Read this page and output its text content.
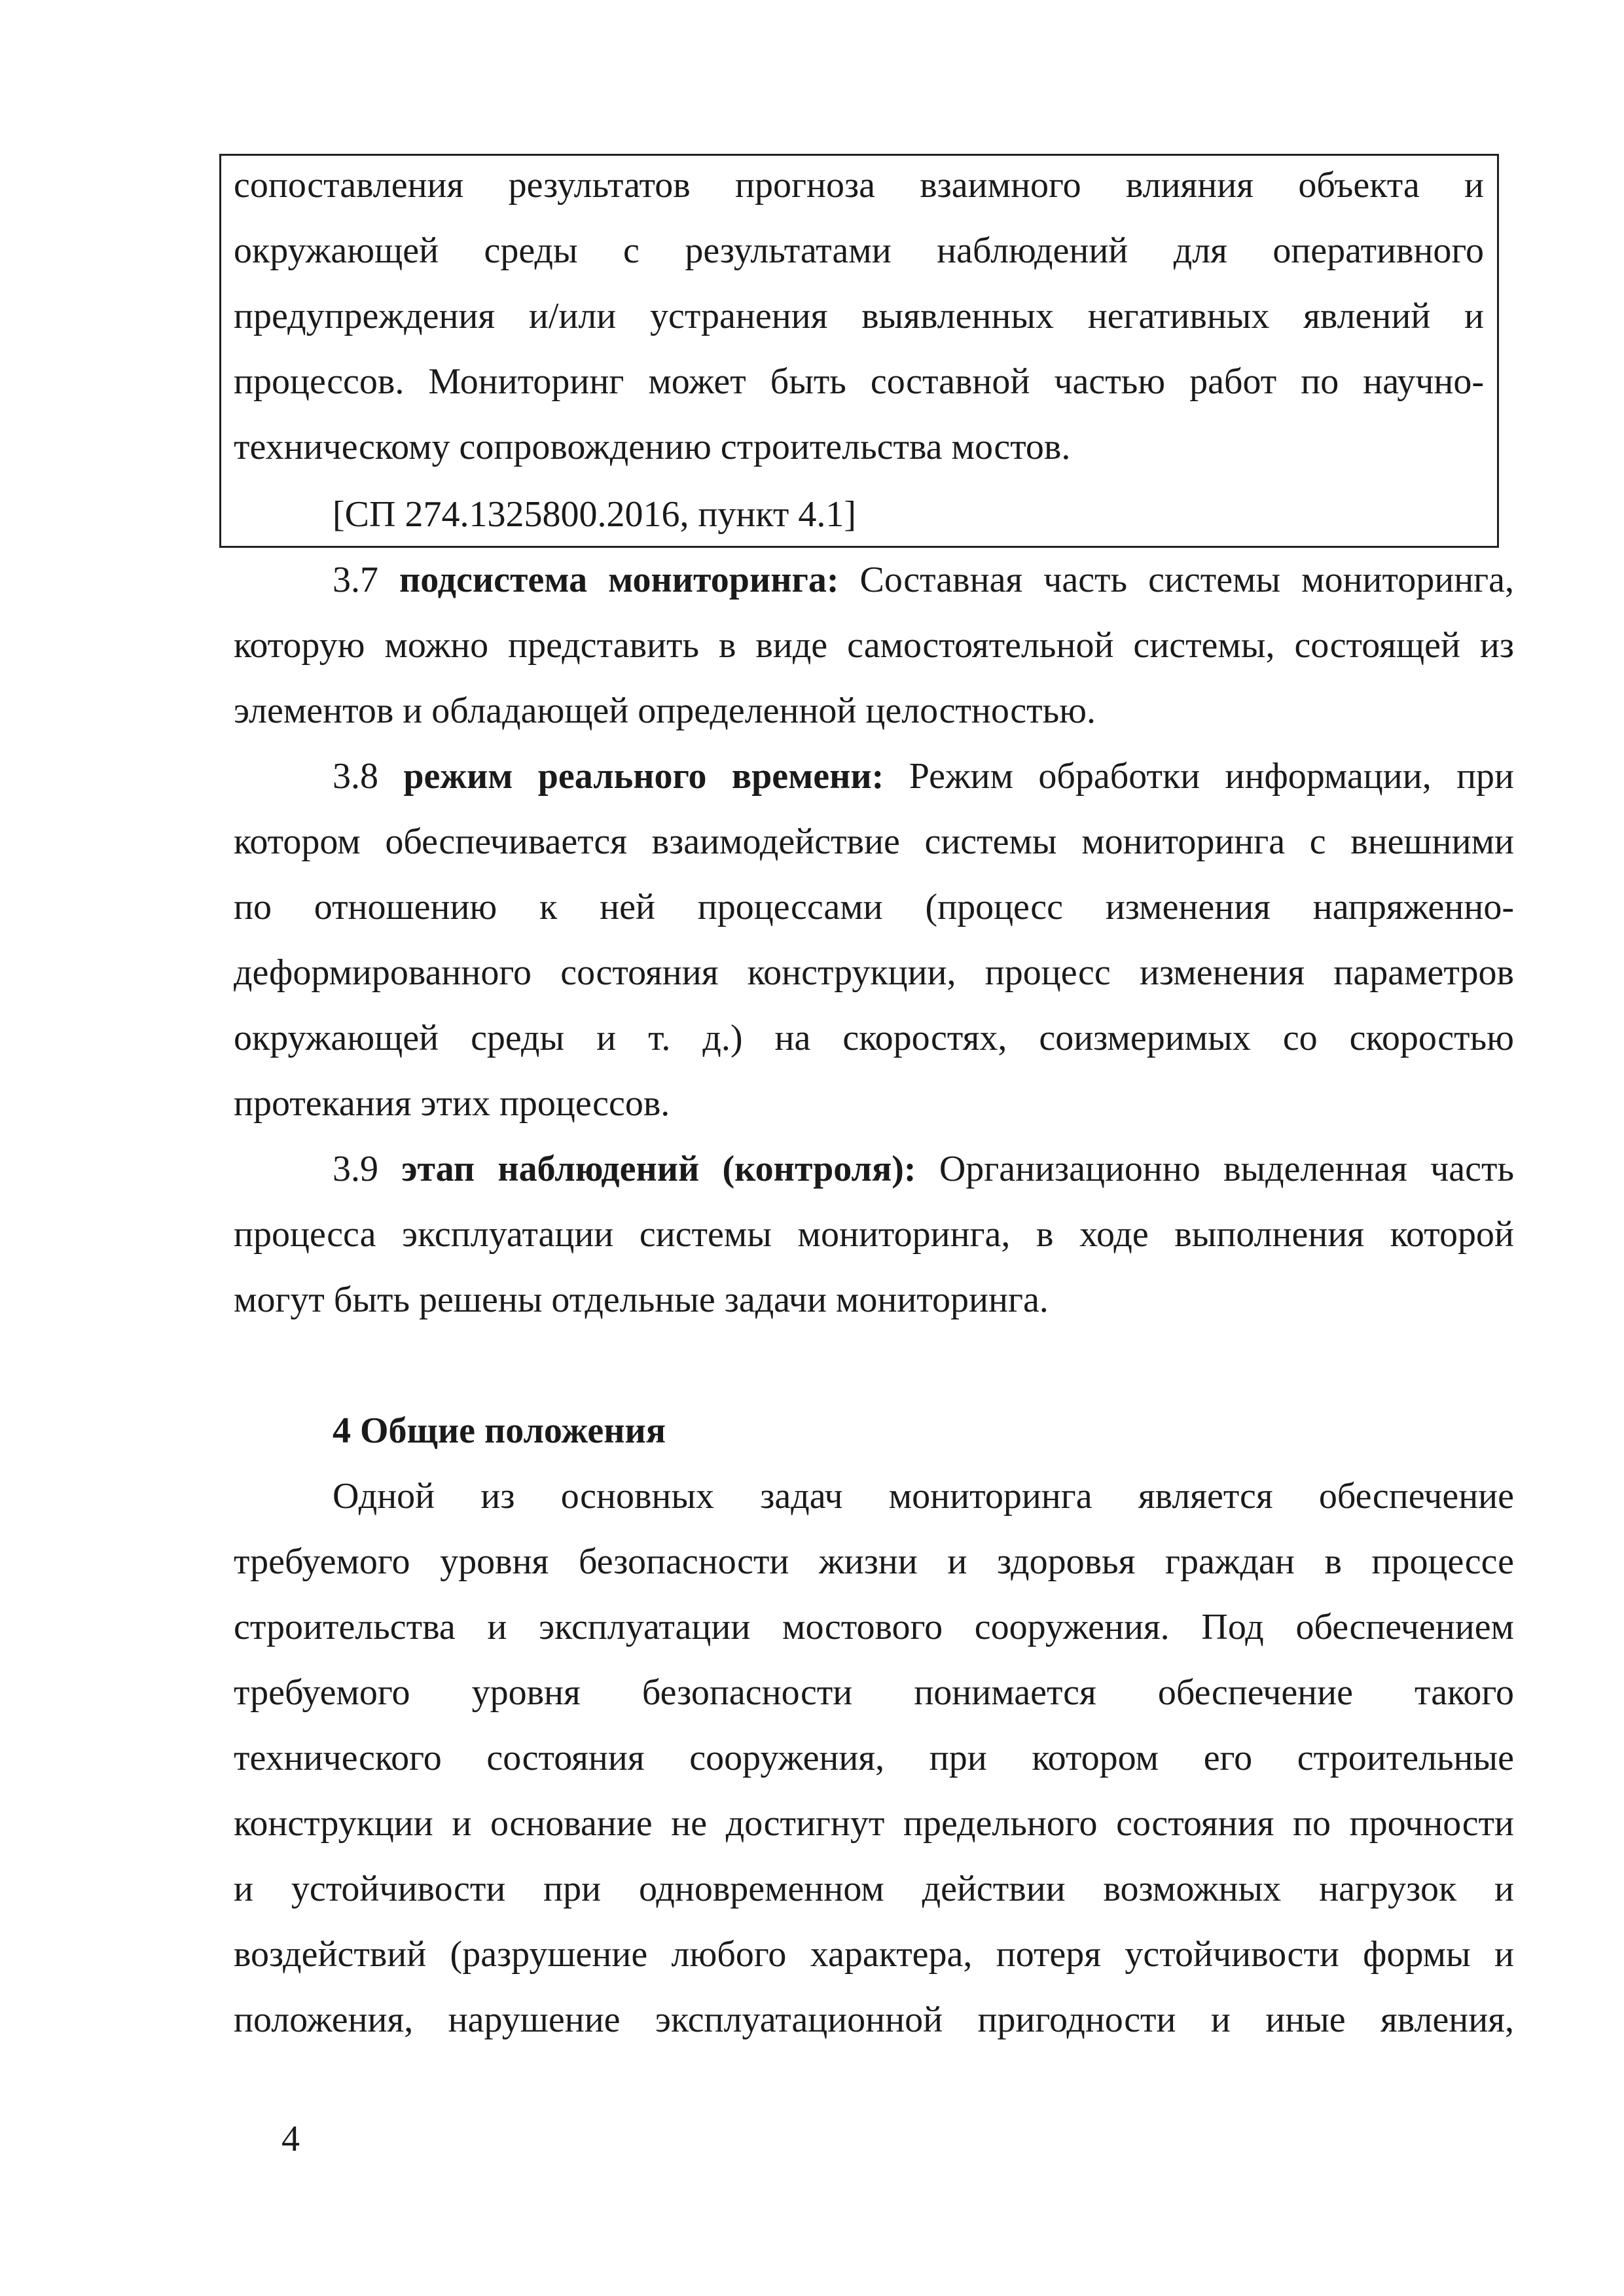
сопоставления результатов прогноза взаимного влияния объекта и
окружающей среды с результатами наблюдений для оперативного
предупреждения и/или устранения выявленных негативных явлений и
процессов. Мониторинг может быть составной частью работ по научно-
техническому сопровождению строительства мостов.
[СП 274.1325800.2016, пункт 4.1]
3.7 подсистема мониторинга: Составная часть системы мониторинга,
которую можно представить в виде самостоятельной системы, состоящей из
элементов и обладающей определенной целостностью.
3.8 режим реального времени: Режим обработки информации, при
котором обеспечивается взаимодействие системы мониторинга с внешними
по отношению к ней процессами (процесс изменения напряженно-
деформированного состояния конструкции, процесс изменения параметров
окружающей среды и т. д.) на скоростях, соизмеримых со скоростью
протекания этих процессов.
3.9 этап наблюдений (контроля): Организационно выделенная часть
процесса эксплуатации системы мониторинга, в ходе выполнения которой
могут быть решены отдельные задачи мониторинга.
4 Общие положения
Одной из основных задач мониторинга является обеспечение
требуемого уровня безопасности жизни и здоровья граждан в процессе
строительства и эксплуатации мостового сооружения. Под обеспечением
требуемого уровня безопасности понимается обеспечение такого
технического состояния сооружения, при котором его строительные
конструкции и основание не достигнут предельного состояния по прочности
и устойчивости при одновременном действии возможных нагрузок и
воздействий (разрушение любого характера, потеря устойчивости формы и
положения, нарушение эксплуатационной пригодности и иные явления,
4
